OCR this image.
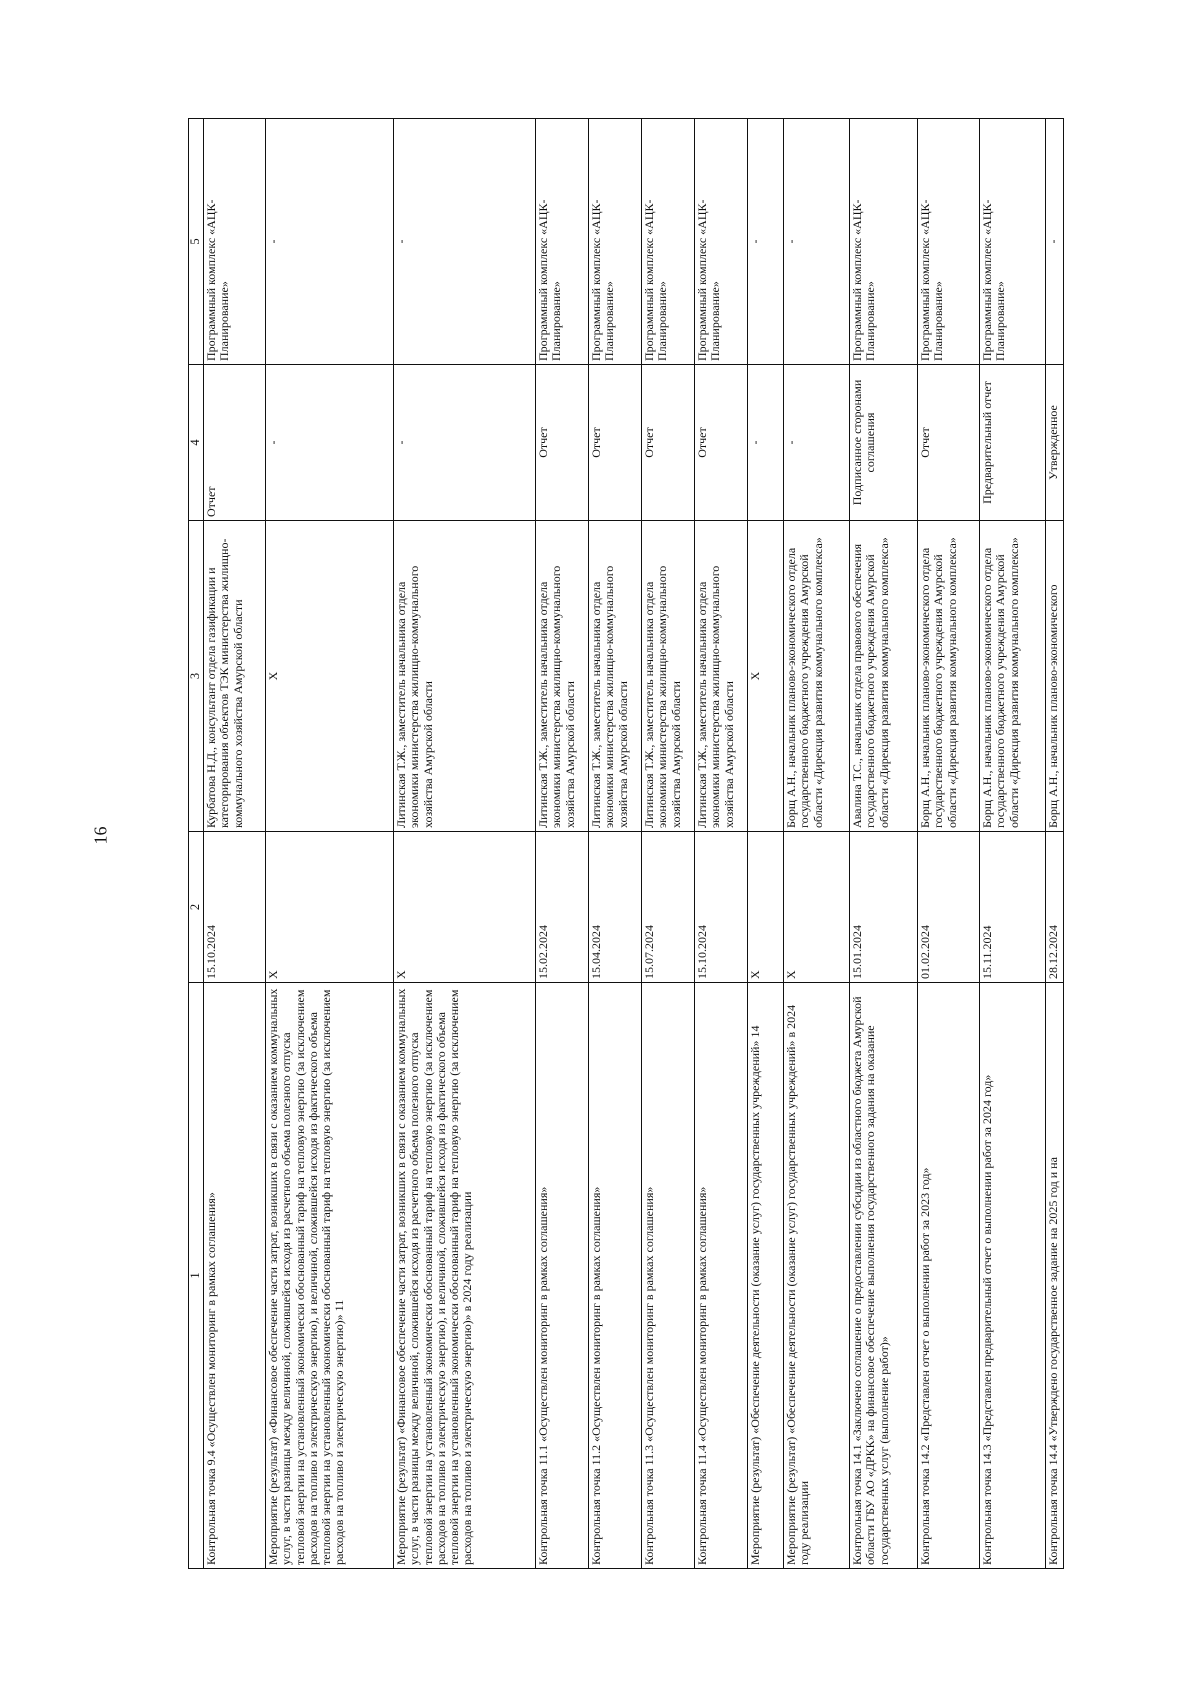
16
1	2	3	4	5
Контрольная точка 9.4 «Осуществлен мониторинг в рамках соглашения»	15.10.2024	Курбатова Н.Д., консультант отдела газификации и категорирования объектов ТЭК министерства жилищно-коммунального хозяйства Амурской области	Отчет	Программный комплекс «АЦК-Планирование»
Мероприятие (результат) «Финансовое обеспечение части затрат, возникших в связи с оказанием коммунальных услуг, в части разницы между величиной, сложившейся исходя из расчетного объема полезного отпуска тепловой энергии на установленный экономически обоснованный тариф на тепловую энергию (за исключением расходов на топливо и электрическую энергию), и величиной, сложившейся исходя из фактического объема тепловой энергии на установленный экономически обоснованный тариф на тепловую энергию (за исключением расходов на топливо и электрическую энергию)» 11	X	X	-	-
Мероприятие (результат) «Финансовое обеспечение части затрат, возникших в связи с оказанием коммунальных услуг, в части разницы между величиной, сложившейся исходя из расчетного объема полезного отпуска тепловой энергии на установленный экономически обоснованный тариф на тепловую энергию (за исключением расходов на топливо и электрическую энергию), и величиной, сложившейся исходя из фактического объема тепловой энергии на установленный экономически обоснованный тариф на тепловую энергию (за исключением расходов на топливо и электрическую энергию)» в 2024 году реализации	X	Литинская Т.Ж., заместитель начальника отдела экономики министерства жилищно-коммунального хозяйства Амурской области	-	-
Контрольная точка 11.1 «Осуществлен мониторинг в рамках соглашения»	15.02.2024	Литинская Т.Ж., заместитель начальника отдела экономики министерства жилищно-коммунального хозяйства Амурской области	Отчет	Программный комплекс «АЦК-Планирование»
Контрольная точка 11.2 «Осуществлен мониторинг в рамках соглашения»	15.04.2024	Литинская Т.Ж., заместитель начальника отдела экономики министерства жилищно-коммунального хозяйства Амурской области	Отчет	Программный комплекс «АЦК-Планирование»
Контрольная точка 11.3 «Осуществлен мониторинг в рамках соглашения»	15.07.2024	Литинская Т.Ж., заместитель начальника отдела экономики министерства жилищно-коммунального хозяйства Амурской области	Отчет	Программный комплекс «АЦК-Планирование»
Контрольная точка 11.4 «Осуществлен мониторинг в рамках соглашения»	15.10.2024	Литинская Т.Ж., заместитель начальника отдела экономики министерства жилищно-коммунального хозяйства Амурской области	Отчет	Программный комплекс «АЦК-Планирование»
Мероприятие (результат) «Обеспечение деятельности (оказание услуг) государственных учреждений» 14	X	X	-	-
Мероприятие (результат) «Обеспечение деятельности (оказание услуг) государственных учреждений» в 2024 году реализации	X	Борщ А.Н., начальник планово-экономического отдела государственного бюджетного учреждения Амурской области «Дирекция развития коммунального комплекса»	-	-
Контрольная точка 14.1 «Заключено соглашение о предоставлении субсидии из областного бюджета Амурской области ГБУ АО «ДРКК» на финансовое обеспечение выполнения государственного задания на оказание государственных услуг (выполнение работ)»	15.01.2024	Авалина Т.С., начальник отдела правового обеспечения государственного бюджетного учреждения Амурской области «Дирекция развития коммунального комплекса»	Подписанное сторонами соглашения	Программный комплекс «АЦК-Планирование»
Контрольная точка 14.2 «Представлен отчет о выполнении работ за 2023 год»	01.02.2024	Борщ А.Н., начальник планово-экономического отдела государственного бюджетного учреждения Амурской области «Дирекция развития коммунального комплекса»	Отчет	Программный комплекс «АЦК-Планирование»
Контрольная точка 14.3 «Представлен предварительный отчет о выполнении работ за 2024 год»	15.11.2024	Борщ А.Н., начальник планово-экономического отдела государственного бюджетного учреждения Амурской области «Дирекция развития коммунального комплекса»	Предварительный отчет	Программный комплекс «АЦК-Планирование»
Контрольная точка 14.4 «Утверждено государственное задание на 2025 год и на	28.12.2024	Борщ А.Н., начальник планово-экономического	Утвержденное	-
